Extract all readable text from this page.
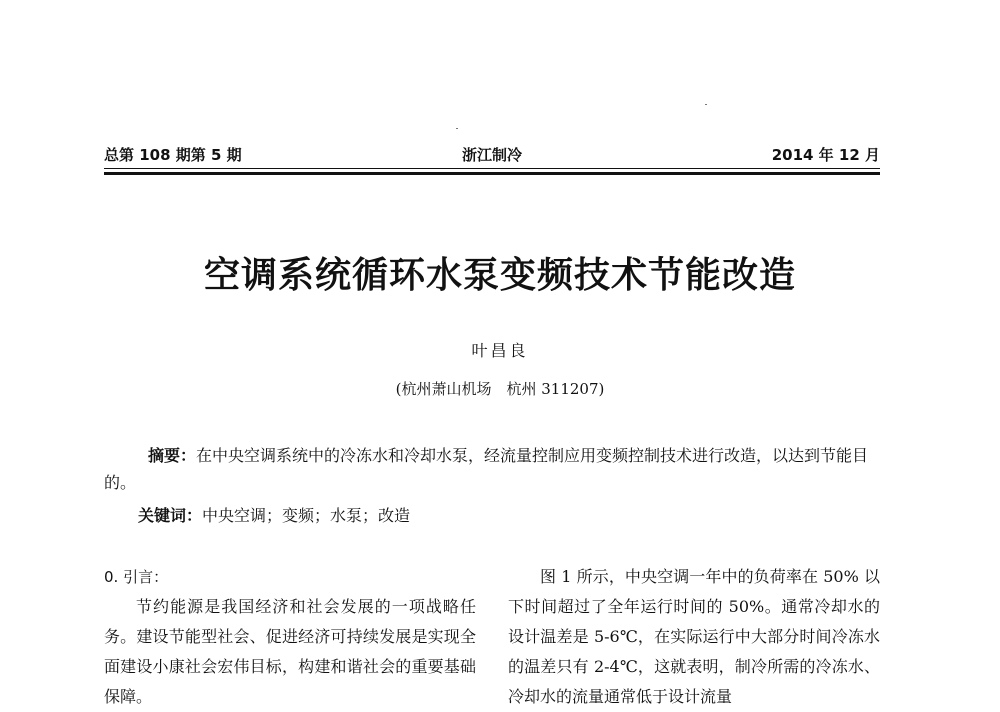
总第 108 期第 5 期	浙江制冷	2014 年 12 月
空调系统循环水泵变频技术节能改造
叶昌良
(杭州萧山机场　杭州 311207)
摘要：在中央空调系统中的冷冻水和冷却水泵，经流量控制应用变频控制技术进行改造，以达到节能目的。
关键词：中央空调；变频；水泵；改造
0. 引言：

节约能源是我国经济和社会发展的一项战略任务。建设节能型社会、促进经济可持续发展是实现全面建设小康社会宏伟目标，构建和谐社会的重要基础保障。

图 1 所示，中央空调一年中的负荷率在 50% 以下时间超过了全年运行时间的 50%。通常冷却水的设计温差是 5-6℃，在实际运行中大部分时间冷冻水的温差只有 2-4℃，这就表明，制冷所需的冷冻水、冷却水的流量通常低于设计流量
